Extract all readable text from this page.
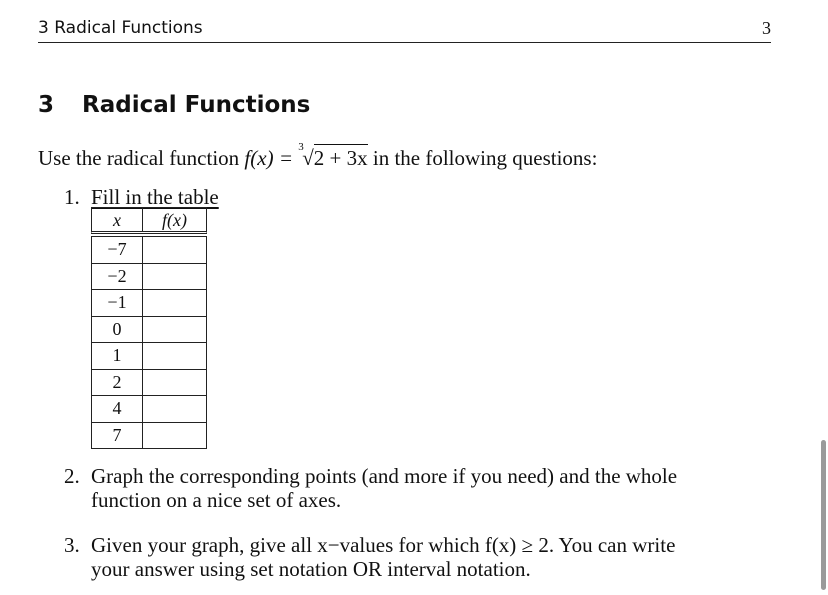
3 Radical Functions	3
3 Radical Functions
Use the radical function f(x) = 3
√2 + 3x in the following questions:
1. Fill in the table
x	f(x)
−7
−2
−1
0
1
2
4
7
2. Graph the corresponding points (and more if you need) and the whole
function on a nice set of axes.
3. Given your graph, give all x−values for which f(x) ≥ 2. You can write
your answer using set notation OR interval notation.
